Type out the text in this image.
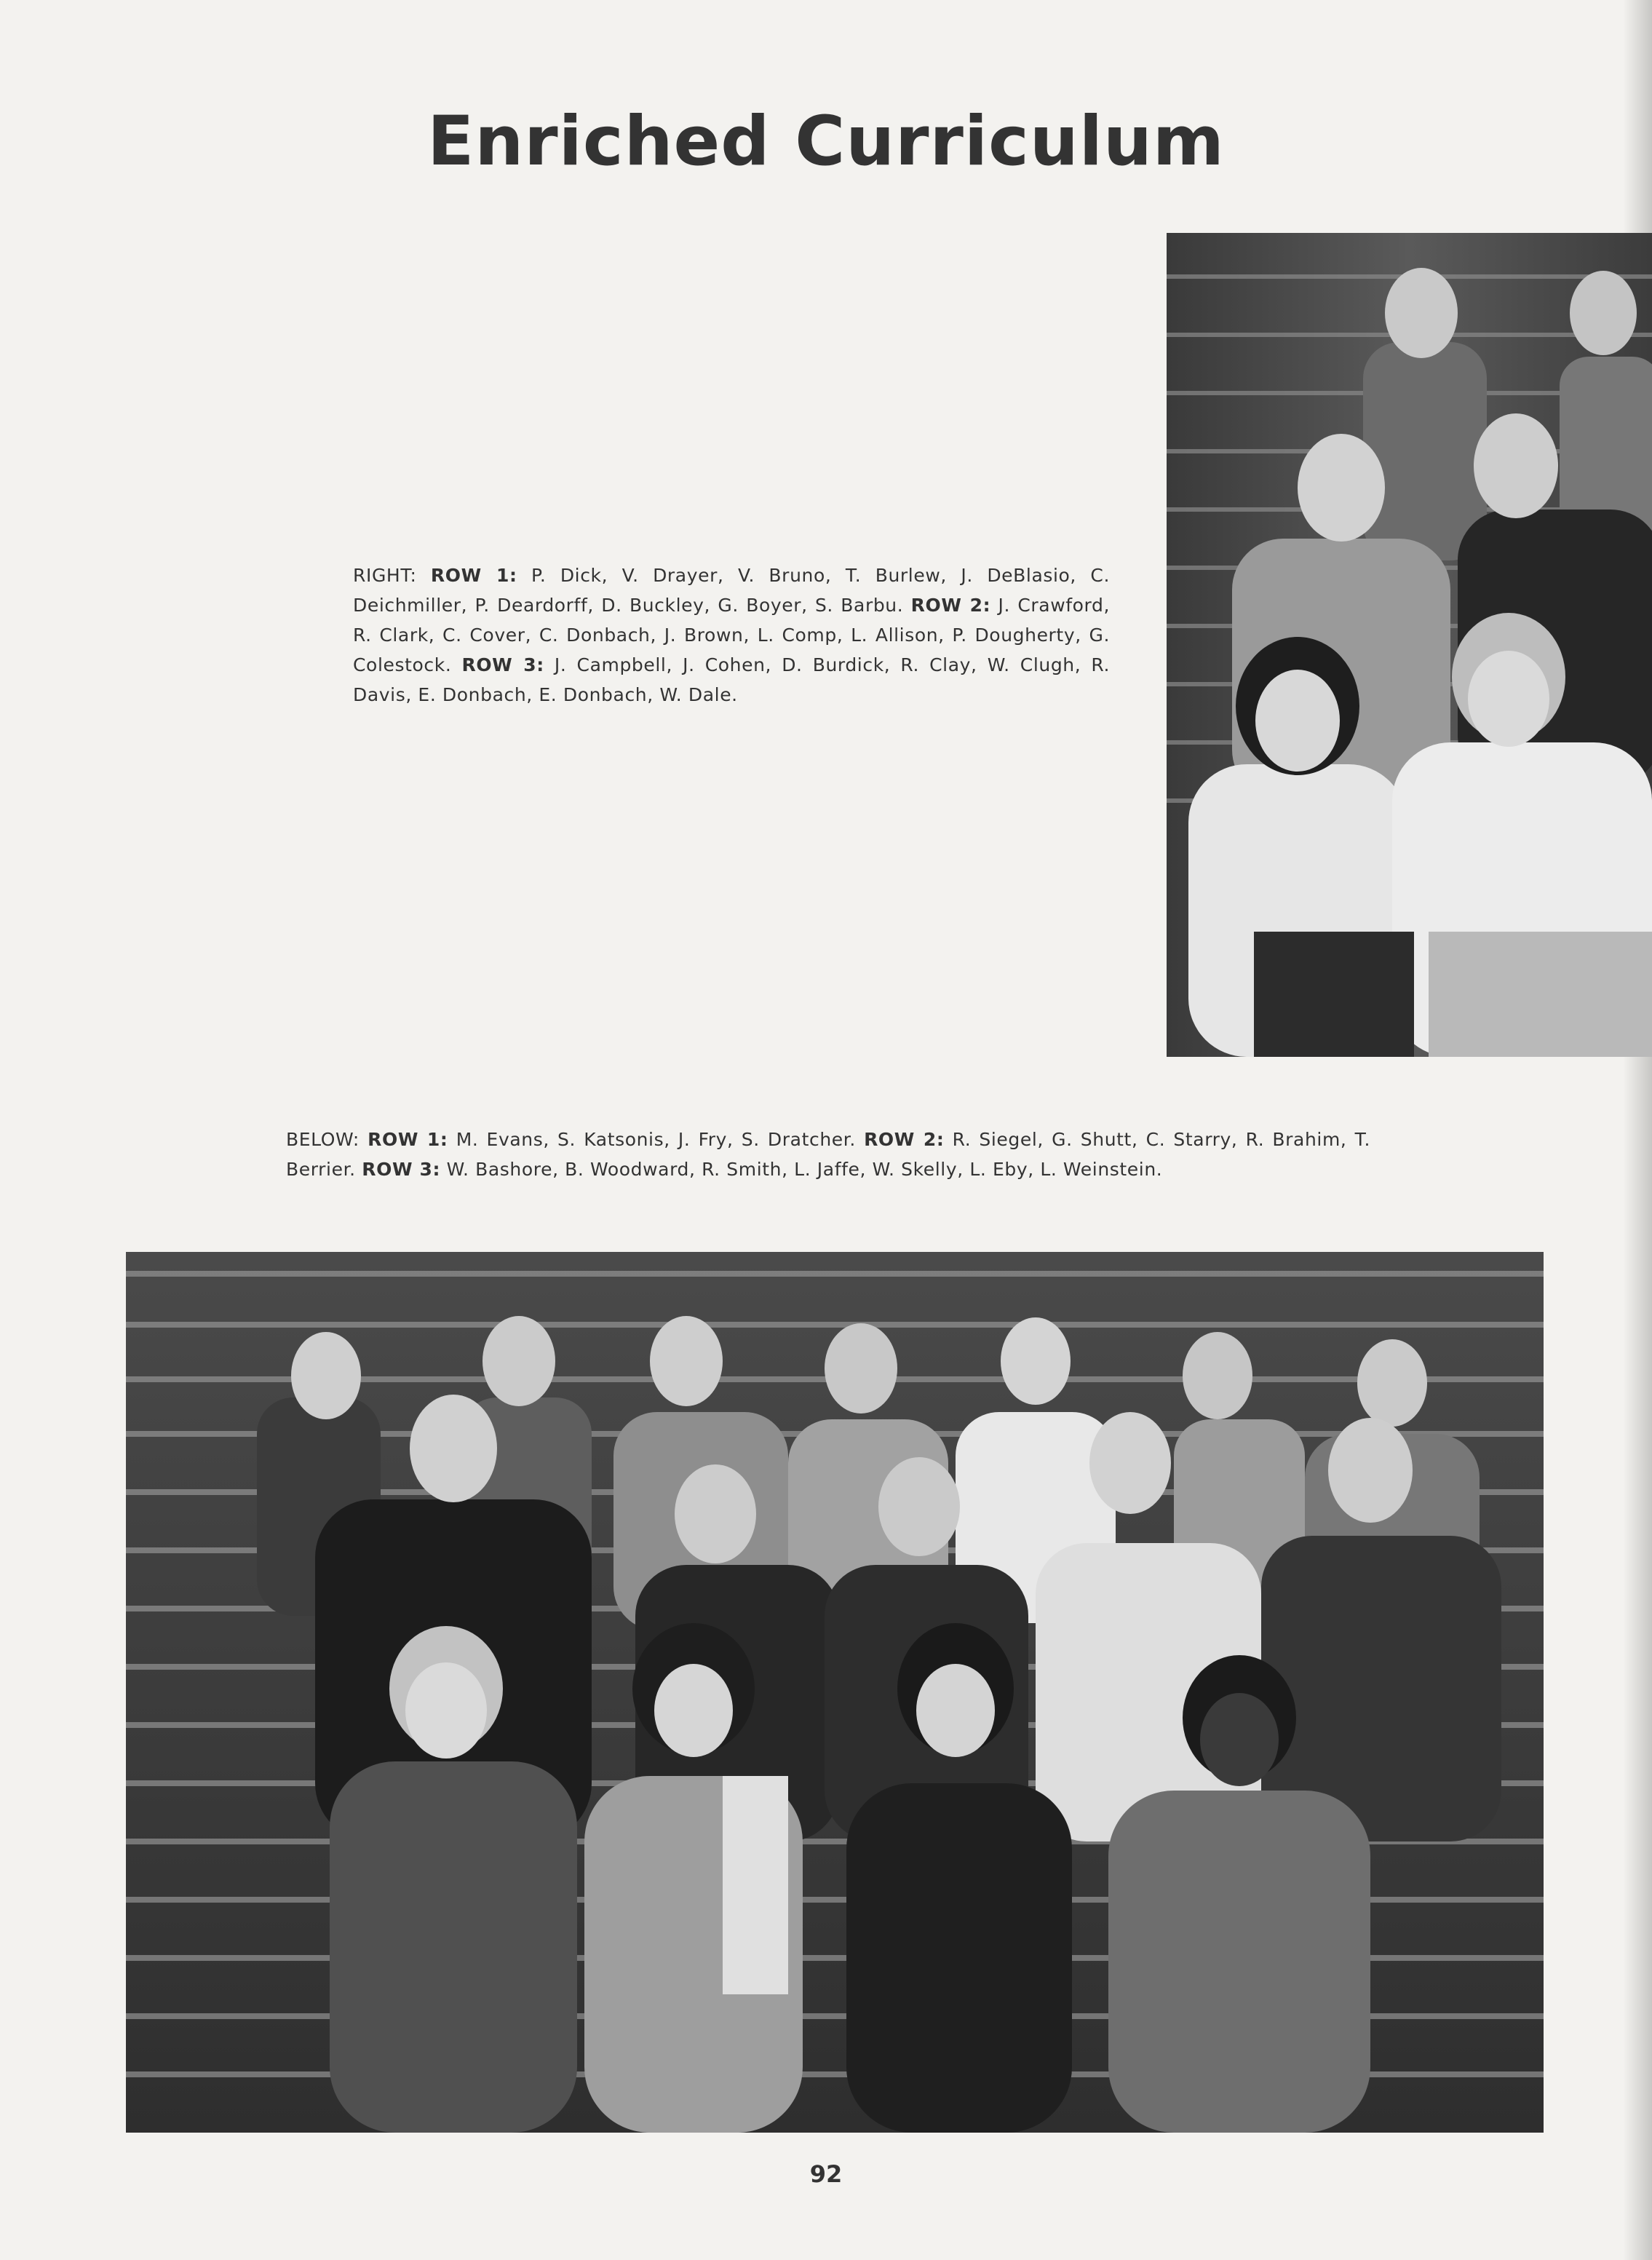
Enriched Curriculum
RIGHT: ROW 1: P. Dick, V. Drayer, V. Bruno, T. Burlew, J. DeBlasio, C. Deichmiller, P. Deardorff, D. Buckley, G. Boyer, S. Barbu. ROW 2: J. Crawford, R. Clark, C. Cover, C. Donbach, J. Brown, L. Comp, L. Allison, P. Dougherty, G. Colestock. ROW 3: J. Campbell, J. Cohen, D. Burdick, R. Clay, W. Clugh, R. Davis, E. Donbach, E. Donbach, W. Dale.
BELOW: ROW 1: M. Evans, S. Katsonis, J. Fry, S. Dratcher. ROW 2: R. Siegel, G. Shutt, C. Starry, R. Brahim, T. Berrier. ROW 3: W. Bashore, B. Woodward, R. Smith, L. Jaffe, W. Skelly, L. Eby, L. Weinstein.
92
